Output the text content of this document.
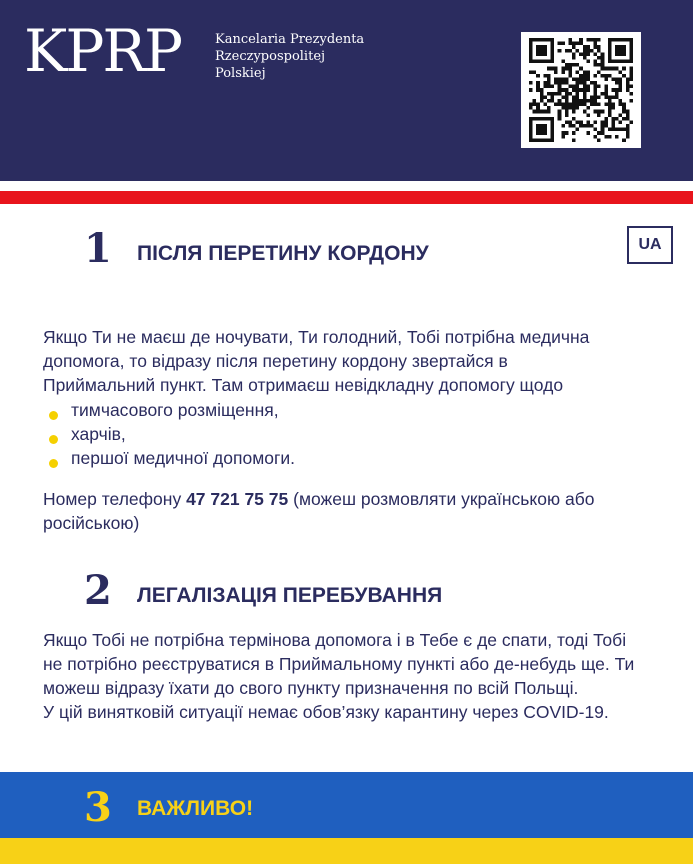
KPRP	Kancelaria Prezydenta
Rzeczypospolitej
Polskiej
UA
1 ПІСЛЯ ПЕРЕТИНУ КОРДОНУ
Якщо Ти не маєш де ночувати, Ти голодний, Тобі потрібна медична
допомога, то відразу після перетину кордону звертайся в
Приймальний пункт. Там отримаєш невідкладну допомогу щодо
тимчасового розміщення,
харчів,
першої медичної допомоги.
Номер телефону 47 721 75 75 (можеш розмовляти українською або
російською)
2 ЛЕГАЛІЗАЦІЯ ПЕРЕБУВАННЯ
Якщо Тобі не потрібна термінова допомога і в Тебе є де спати, тоді Тобі
не потрібно реєструватися в Приймальному пункті або де-небудь ще. Ти
можеш відразу їхати до свого пункту призначення по всій Польщі.
У цій винятковій ситуації немає обов’язку карантину через COVID-19.
3 ВАЖЛИВО!
